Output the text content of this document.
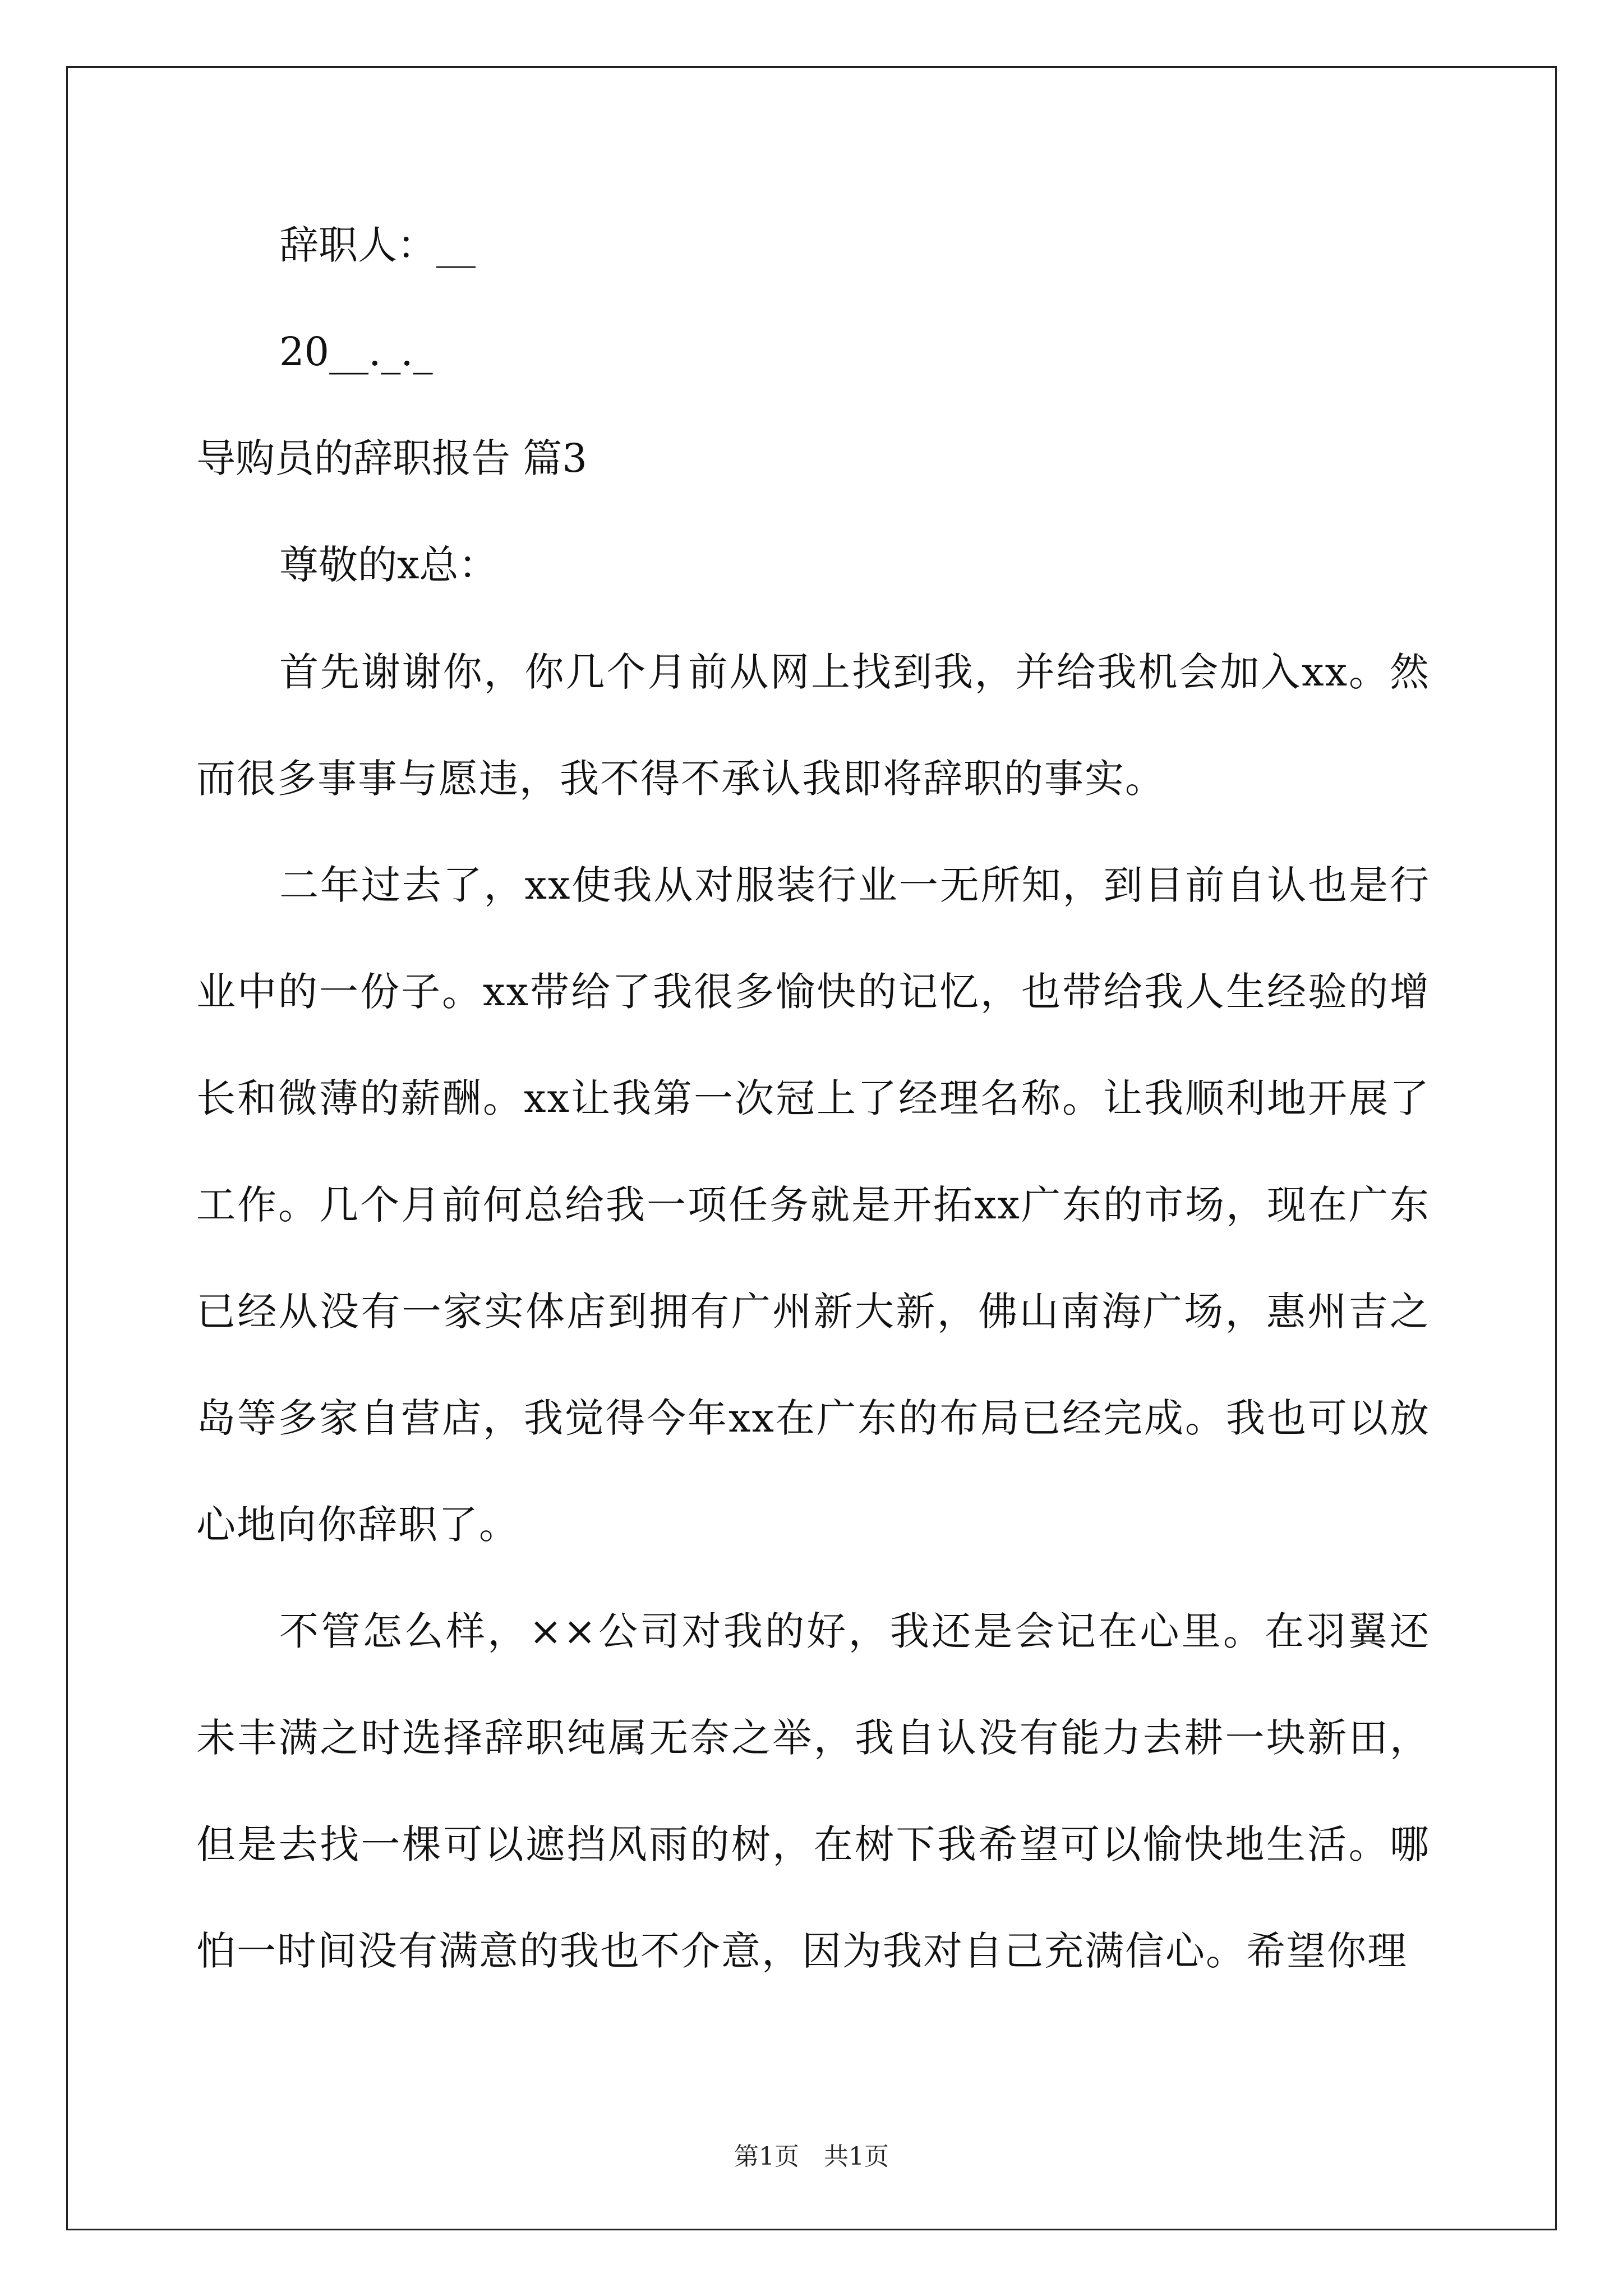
辞职人：__

20__._._

导购员的辞职报告 篇3

尊敬的x总：

首先谢谢你，你几个月前从网上找到我，并给我机会加入xx。然而很多事事与愿违，我不得不承认我即将辞职的事实。

二年过去了，xx使我从对服装行业一无所知，到目前自认也是行业中的一份子。xx带给了我很多愉快的记忆，也带给我人生经验的增长和微薄的薪酬。xx让我第一次冠上了经理名称。让我顺利地开展了工作。几个月前何总给我一项任务就是开拓xx广东的市场，现在广东已经从没有一家实体店到拥有广州新大新，佛山南海广场，惠州吉之岛等多家自营店，我觉得今年xx在广东的布局已经完成。我也可以放心地向你辞职了。

不管怎么样，××公司对我的好，我还是会记在心里。在羽翼还未丰满之时选择辞职纯属无奈之举，我自认没有能力去耕一块新田，但是去找一棵可以遮挡风雨的树，在树下我希望可以愉快地生活。哪怕一时间没有满意的我也不介意，因为我对自己充满信心。希望你理

第1页　共1页
